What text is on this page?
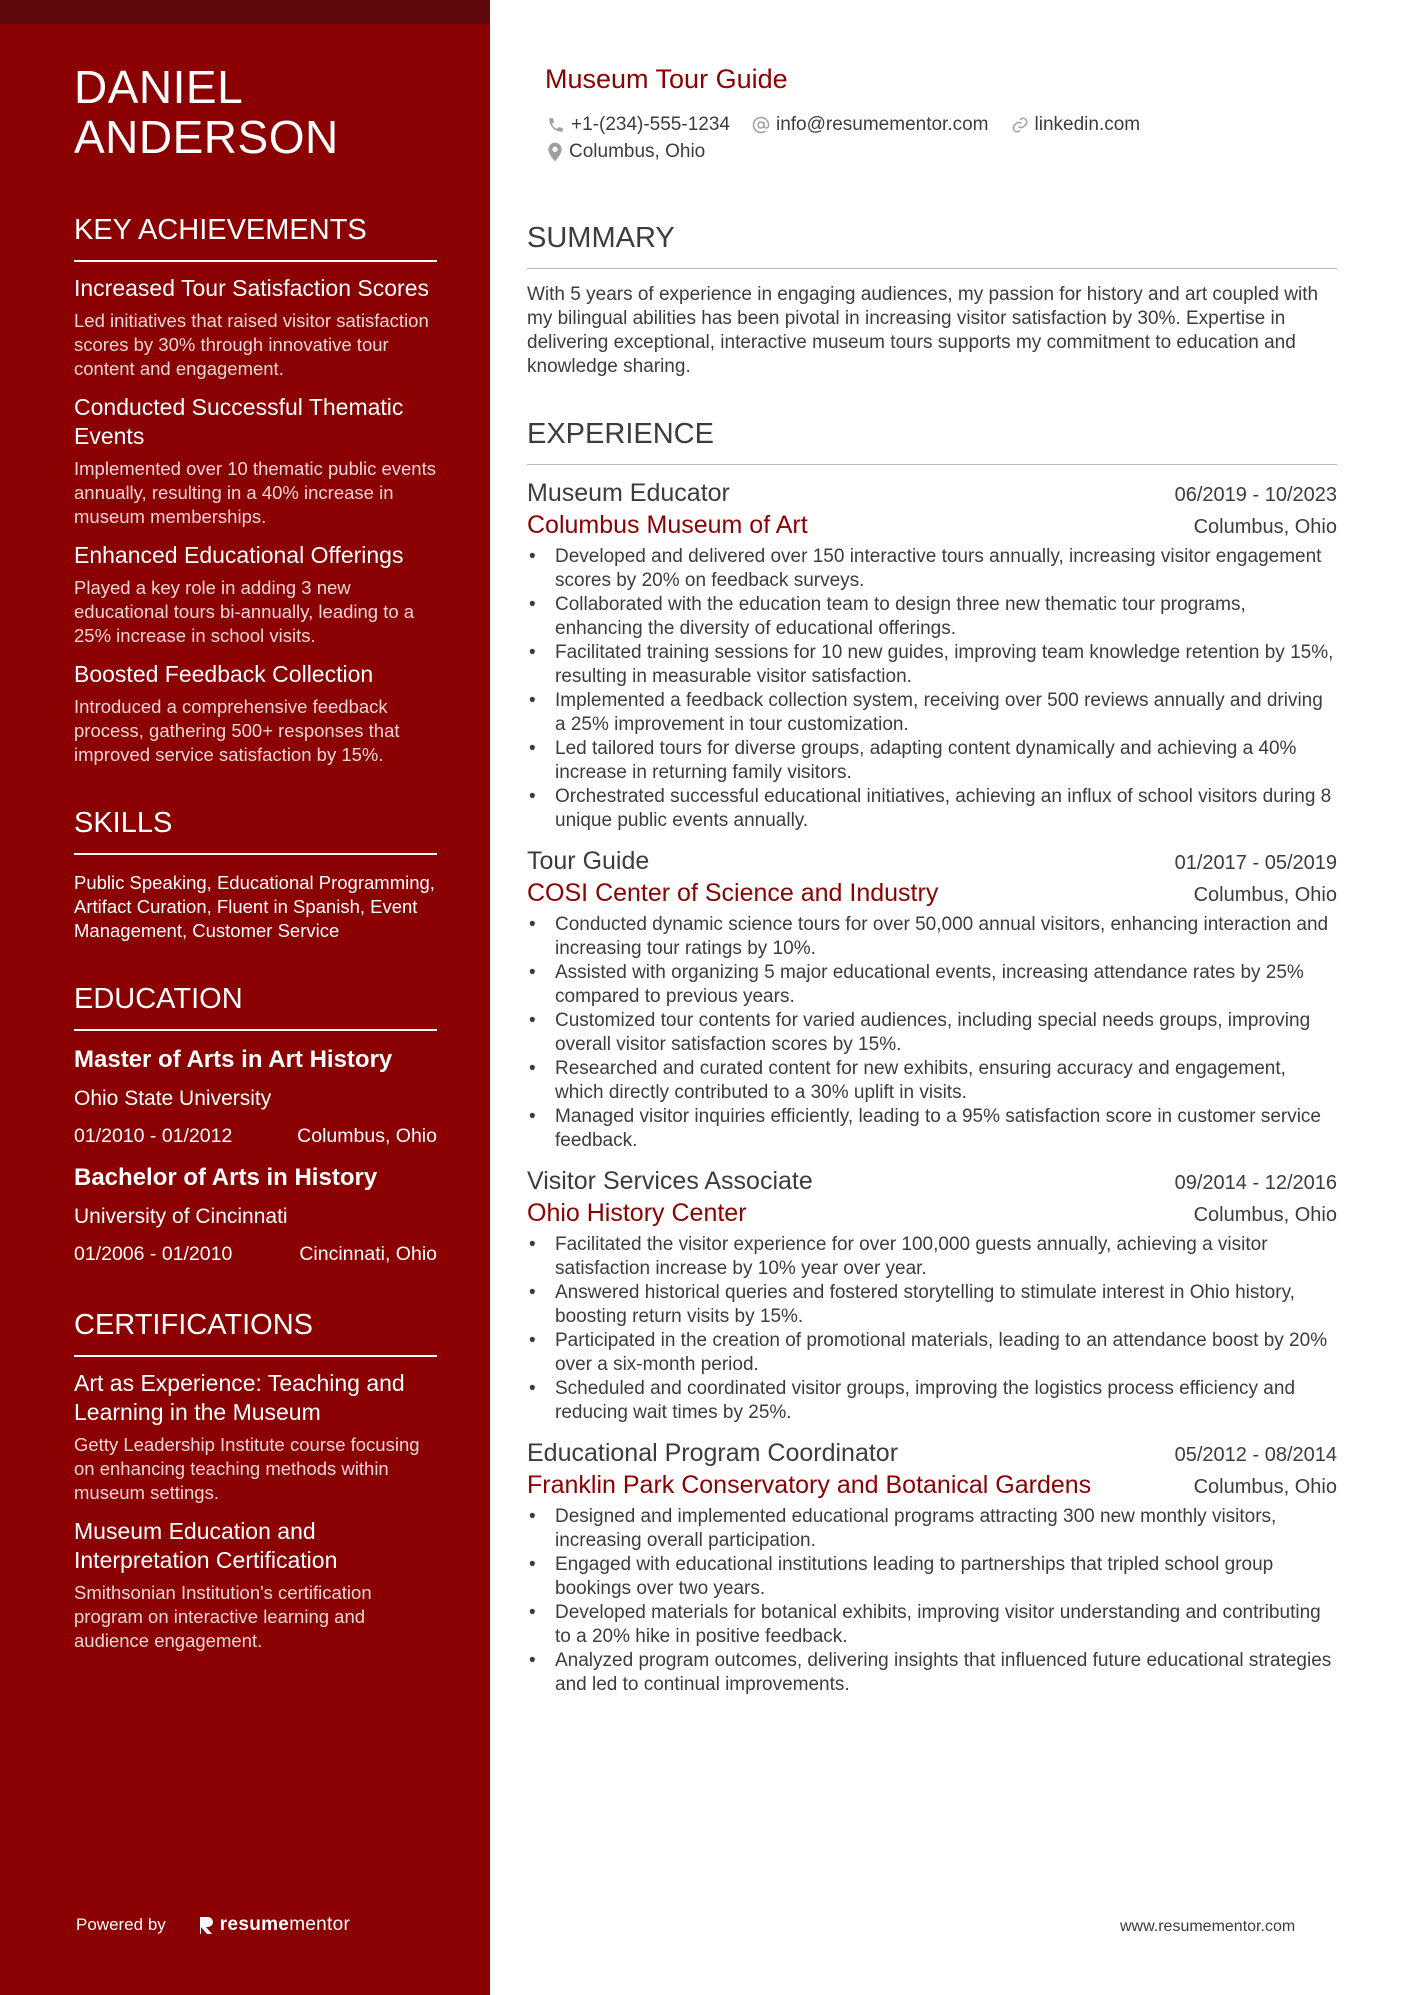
DANIEL
ANDERSON
KEY ACHIEVEMENTS
Increased Tour Satisfaction Scores
Led initiatives that raised visitor satisfaction scores by 30% through innovative tour content and engagement.
Conducted Successful Thematic Events
Implemented over 10 thematic public events annually, resulting in a 40% increase in museum memberships.
Enhanced Educational Offerings
Played a key role in adding 3 new educational tours bi-annually, leading to a 25% increase in school visits.
Boosted Feedback Collection
Introduced a comprehensive feedback process, gathering 500+ responses that improved service satisfaction by 15%.
SKILLS
Public Speaking, Educational Programming, Artifact Curation, Fluent in Spanish, Event Management, Customer Service
EDUCATION
Master of Arts in Art History
Ohio State University
01/2010 - 01/2012	Columbus, Ohio
Bachelor of Arts in History
University of Cincinnati
01/2006 - 01/2010	Cincinnati, Ohio
CERTIFICATIONS
Art as Experience: Teaching and Learning in the Museum
Getty Leadership Institute course focusing on enhancing teaching methods within museum settings.
Museum Education and Interpretation Certification
Smithsonian Institution's certification program on interactive learning and audience engagement.
Powered by	resume mentor
Museum Tour Guide
+1-(234)-555-1234 info@resumementor.com linkedin.com
Columbus, Ohio
SUMMARY
With 5 years of experience in engaging audiences, my passion for history and art coupled with my bilingual abilities has been pivotal in increasing visitor satisfaction by 30%. Expertise in delivering exceptional, interactive museum tours supports my commitment to education and knowledge sharing.
EXPERIENCE
Museum Educator	06/2019 - 10/2023
Columbus Museum of Art	Columbus, Ohio
• Developed and delivered over 150 interactive tours annually, increasing visitor engagement scores by 20% on feedback surveys.
• Collaborated with the education team to design three new thematic tour programs, enhancing the diversity of educational offerings.
• Facilitated training sessions for 10 new guides, improving team knowledge retention by 15%, resulting in measurable visitor satisfaction.
• Implemented a feedback collection system, receiving over 500 reviews annually and driving a 25% improvement in tour customization.
• Led tailored tours for diverse groups, adapting content dynamically and achieving a 40% increase in returning family visitors.
• Orchestrated successful educational initiatives, achieving an influx of school visitors during 8 unique public events annually.
Tour Guide	01/2017 - 05/2019
COSI Center of Science and Industry	Columbus, Ohio
• Conducted dynamic science tours for over 50,000 annual visitors, enhancing interaction and increasing tour ratings by 10%.
• Assisted with organizing 5 major educational events, increasing attendance rates by 25% compared to previous years.
• Customized tour contents for varied audiences, including special needs groups, improving overall visitor satisfaction scores by 15%.
• Researched and curated content for new exhibits, ensuring accuracy and engagement, which directly contributed to a 30% uplift in visits.
• Managed visitor inquiries efficiently, leading to a 95% satisfaction score in customer service feedback.
Visitor Services Associate	09/2014 - 12/2016
Ohio History Center	Columbus, Ohio
• Facilitated the visitor experience for over 100,000 guests annually, achieving a visitor satisfaction increase by 10% year over year.
• Answered historical queries and fostered storytelling to stimulate interest in Ohio history, boosting return visits by 15%.
• Participated in the creation of promotional materials, leading to an attendance boost by 20% over a six-month period.
• Scheduled and coordinated visitor groups, improving the logistics process efficiency and reducing wait times by 25%.
Educational Program Coordinator	05/2012 - 08/2014
Franklin Park Conservatory and Botanical Gardens	Columbus, Ohio
• Designed and implemented educational programs attracting 300 new monthly visitors, increasing overall participation.
• Engaged with educational institutions leading to partnerships that tripled school group bookings over two years.
• Developed materials for botanical exhibits, improving visitor understanding and contributing to a 20% hike in positive feedback.
• Analyzed program outcomes, delivering insights that influenced future educational strategies and led to continual improvements.
www.resumementor.com
